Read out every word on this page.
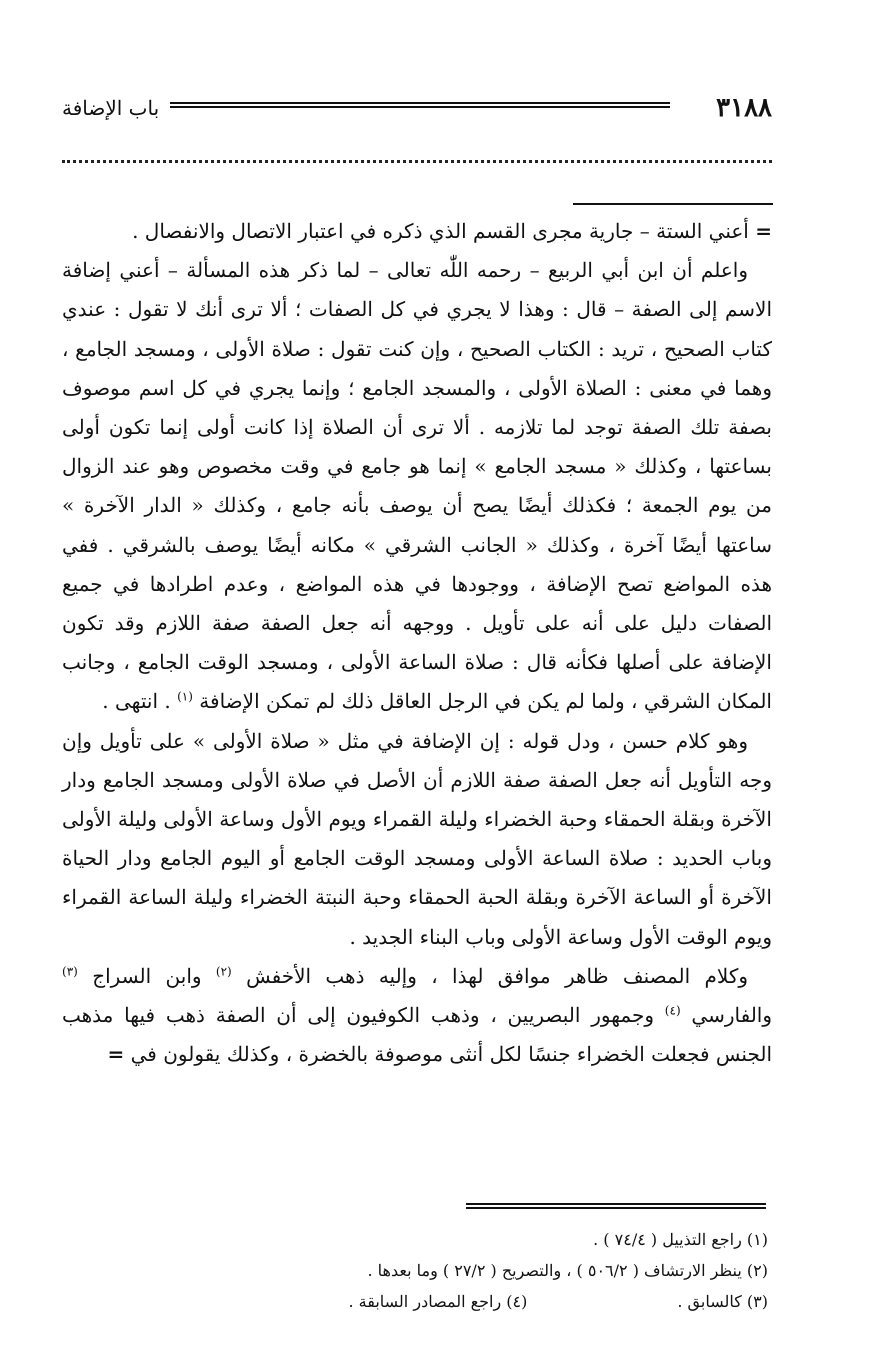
٣١٨٨
باب الإضافة

= أعني الستة – جارية مجرى القسم الذي ذكره في اعتبار الاتصال والانفصال .

واعلم أن ابن أبي الربيع – رحمه اللّٰه تعالى – لما ذكر هذه المسألة – أعني إضافة الاسم إلى الصفة – قال : وهذا لا يجري في كل الصفات ؛ ألا ترى أنك لا تقول : عندي كتاب الصحيح ، تريد : الكتاب الصحيح ، وإن كنت تقول : صلاة الأولى ، ومسجد الجامع ، وهما في معنى : الصلاة الأولى ، والمسجد الجامع ؛ وإنما يجري في كل اسم موصوف بصفة تلك الصفة توجد لما تلازمه . ألا ترى أن الصلاة إذا كانت أولى إنما تكون أولى بساعتها ، وكذلك « مسجد الجامع » إنما هو جامع في وقت مخصوص وهو عند الزوال من يوم الجمعة ؛ فكذلك أيضًا يصح أن يوصف بأنه جامع ، وكذلك « الدار الآخرة » ساعتها أيضًا آخرة ، وكذلك « الجانب الشرقي » مكانه أيضًا يوصف بالشرقي . ففي هذه المواضع تصح الإضافة ، ووجودها في هذه المواضع ، وعدم اطرادها في جميع الصفات دليل على أنه على تأويل . ووجهه أنه جعل الصفة صفة اللازم وقد تكون الإضافة على أصلها فكأنه قال : صلاة الساعة الأولى ، ومسجد الوقت الجامع ، وجانب المكان الشرقي ، ولما لم يكن في الرجل العاقل ذلك لم تمكن الإضافة $^{(١)}$ . انتهى .

وهو كلام حسن ، ودل قوله : إن الإضافة في مثل « صلاة الأولى » على تأويل وإن وجه التأويل أنه جعل الصفة صفة اللازم أن الأصل في صلاة الأولى ومسجد الجامع ودار الآخرة وبقلة الحمقاء وحبة الخضراء وليلة القمراء ويوم الأول وساعة الأولى وليلة الأولى وباب الحديد : صلاة الساعة الأولى ومسجد الوقت الجامع أو اليوم الجامع ودار الحياة الآخرة أو الساعة الآخرة وبقلة الحبة الحمقاء وحبة النبتة الخضراء وليلة الساعة القمراء ويوم الوقت الأول وساعة الأولى وباب البناء الجديد .

وكلام المصنف ظاهر موافق لهذا ، وإليه ذهب الأخفش $^{(٢)}$ وابن السراج $^{(٣)}$ والفارسي $^{(٤)}$ وجمهور البصريين ، وذهب الكوفيون إلى أن الصفة ذهب فيها مذهب الجنس فجعلت الخضراء جنسًا لكل أنثى موصوفة بالخضرة ، وكذلك يقولون في =

(١) راجع التذييل ( ٧٤/٤ ) .
(٢) ينظر الارتشاف ( ٥٠٦/٢ ) ، والتصريح ( ٢٧/٢ ) وما بعدها .
(٣) كالسابق .
(٤) راجع المصادر السابقة .
